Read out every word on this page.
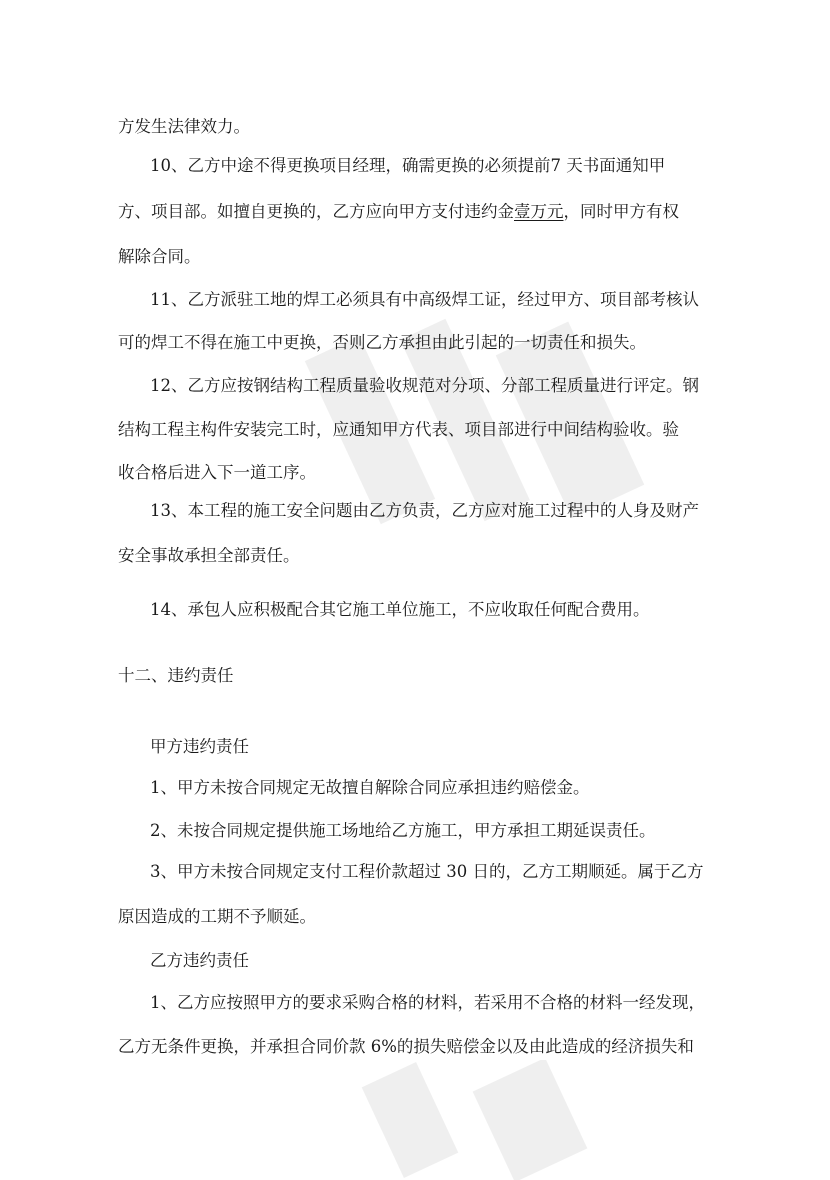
方发生法律效力。
10、乙方中途不得更换项目经理，确需更换的必须提前7 天书面通知甲
方、项目部。如擅自更换的，乙方应向甲方支付违约金壹万元，同时甲方有权
解除合同。
11、乙方派驻工地的焊工必须具有中高级焊工证，经过甲方、项目部考核认
可的焊工不得在施工中更换，否则乙方承担由此引起的一切责任和损失。
12、乙方应按钢结构工程质量验收规范对分项、分部工程质量进行评定。钢
结构工程主构件安装完工时，应通知甲方代表、项目部进行中间结构验收。验
收合格后进入下一道工序。
13、本工程的施工安全问题由乙方负责，乙方应对施工过程中的人身及财产
安全事故承担全部责任。
14、承包人应积极配合其它施工单位施工，不应收取任何配合费用。
十二、违约责任
甲方违约责任
1、甲方未按合同规定无故擅自解除合同应承担违约赔偿金。
2、未按合同规定提供施工场地给乙方施工，甲方承担工期延误责任。
3、甲方未按合同规定支付工程价款超过 30 日的，乙方工期顺延。属于乙方
原因造成的工期不予顺延。
乙方违约责任
1、乙方应按照甲方的要求采购合格的材料，若采用不合格的材料一经发现，
乙方无条件更换，并承担合同价款 6%的损失赔偿金以及由此造成的经济损失和
